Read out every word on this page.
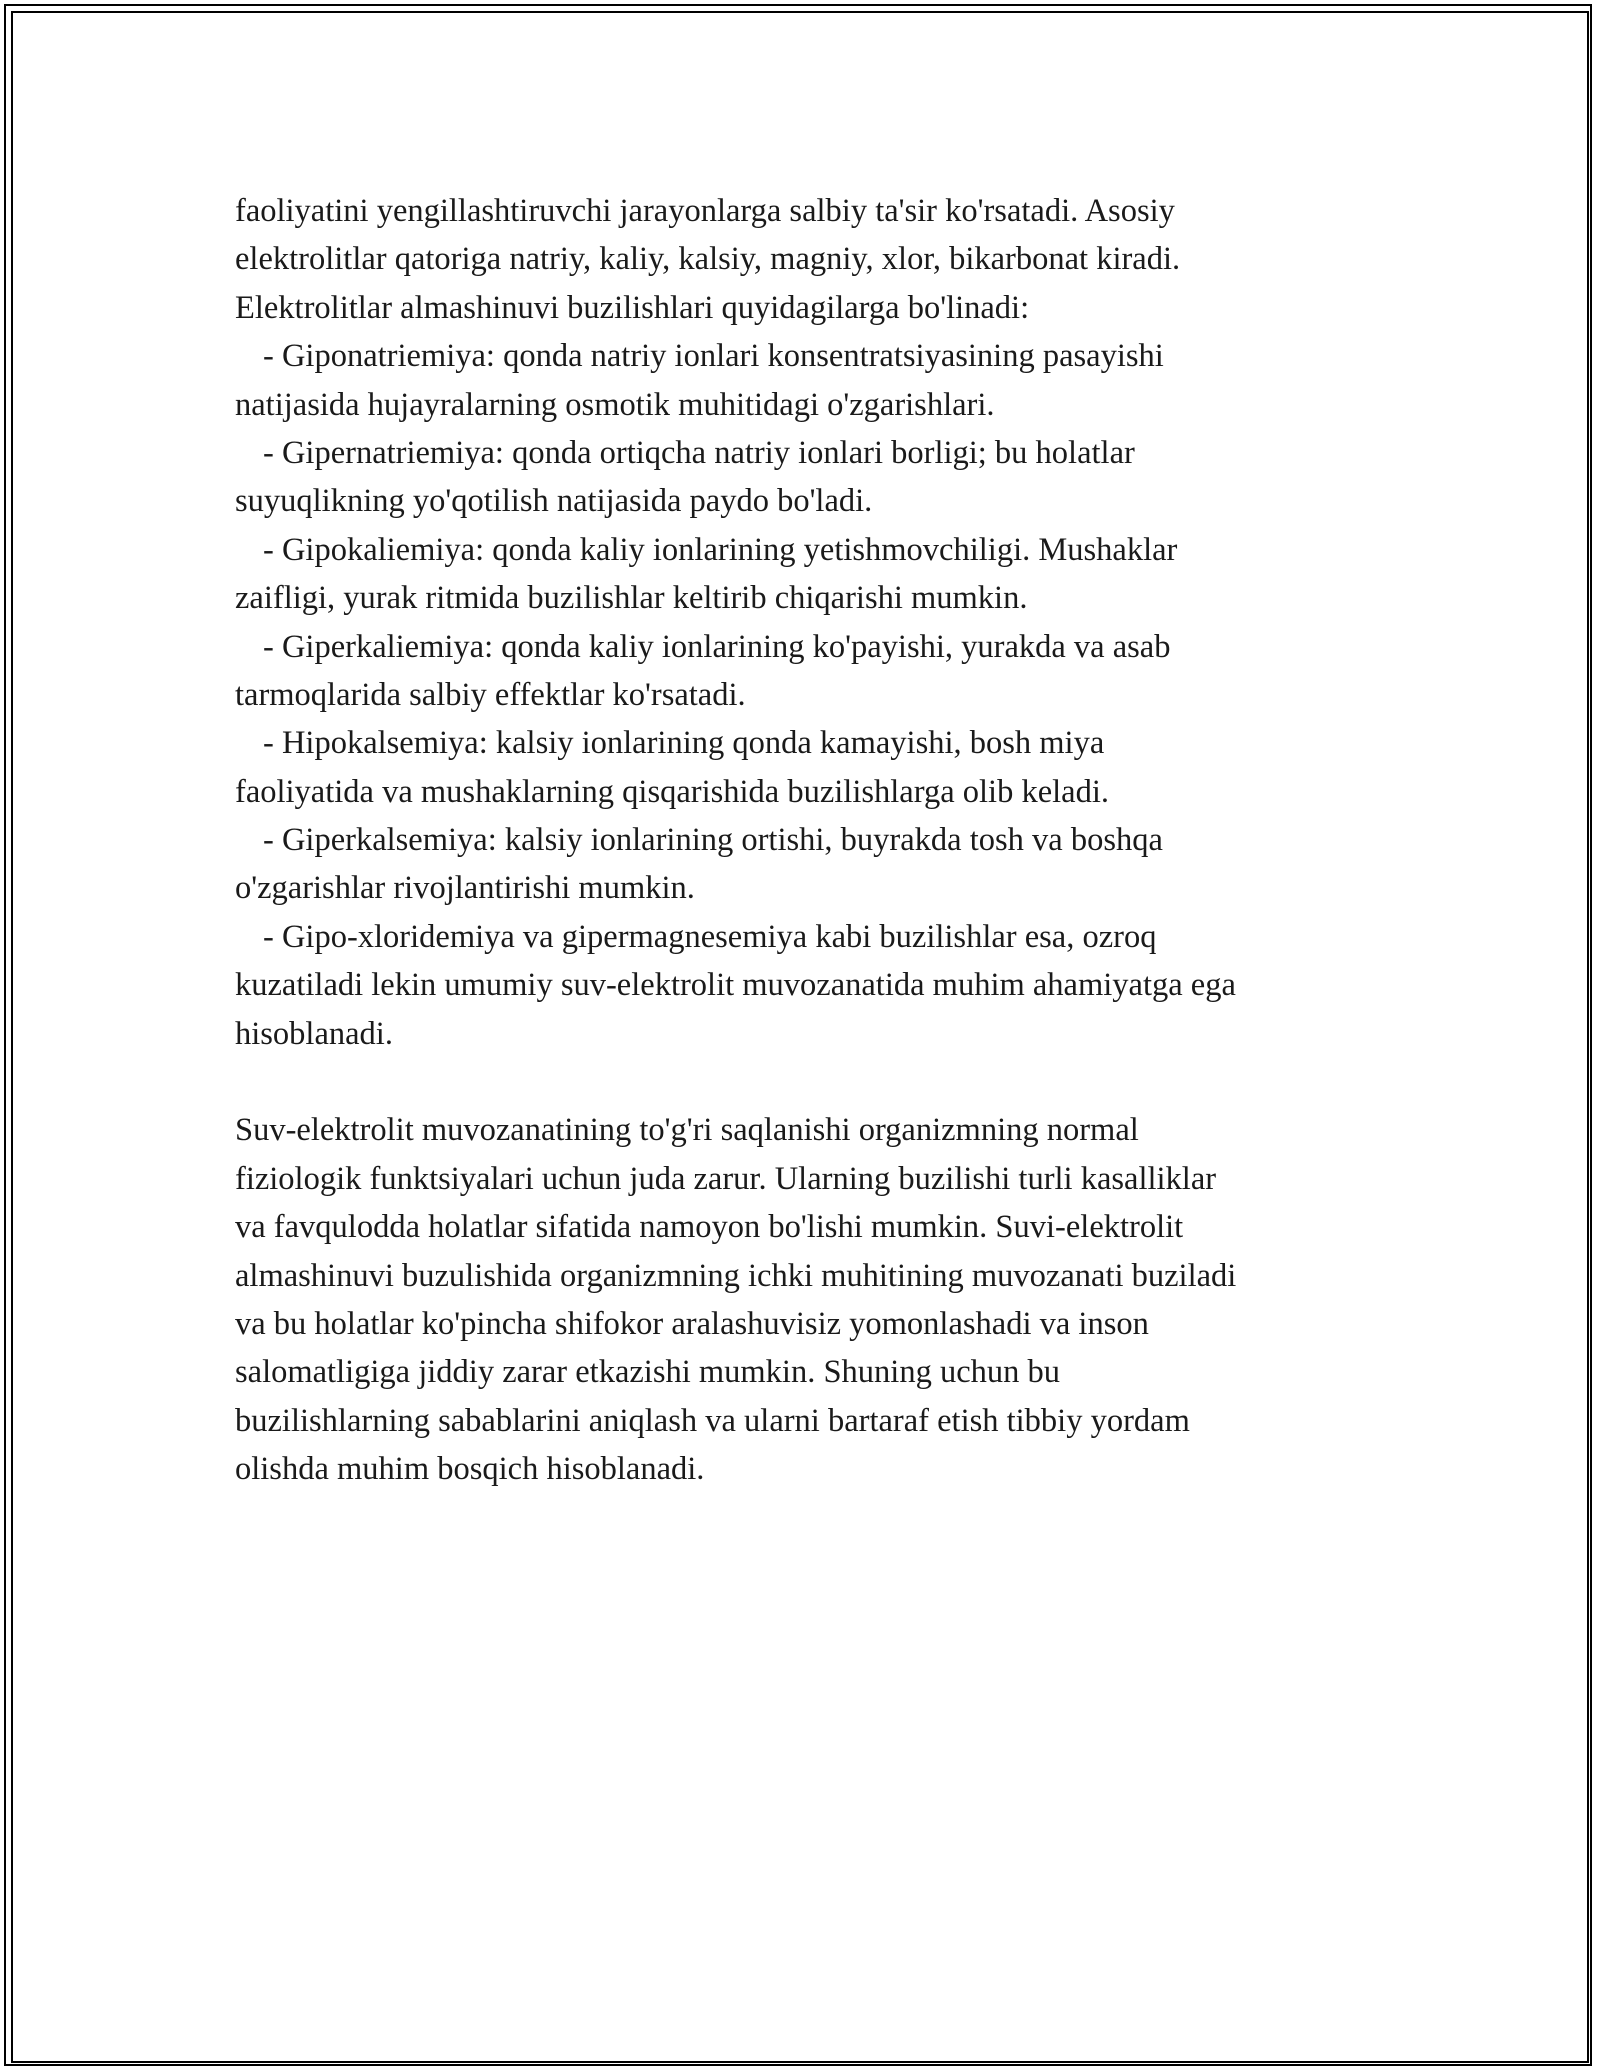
faoliyatini yengillashtiruvchi jarayonlarga salbiy ta'sir ko'rsatadi. Asosiy
elektrolitlar qatoriga natriy, kaliy, kalsiy, magniy, xlor, bikarbonat kiradi.
Elektrolitlar almashinuvi buzilishlari quyidagilarga bo'linadi:
- Giponatriemiya: qonda natriy ionlari konsentratsiyasining pasayishi
natijasida hujayralarning osmotik muhitidagi o'zgarishlari.
- Gipernatriemiya: qonda ortiqcha natriy ionlari borligi; bu holatlar
suyuqlikning yo'qotilish natijasida paydo bo'ladi.
- Gipokaliemiya: qonda kaliy ionlarining yetishmovchiligi. Mushaklar
zaifligi, yurak ritmida buzilishlar keltirib chiqarishi mumkin.
- Giperkaliemiya: qonda kaliy ionlarining ko'payishi, yurakda va asab
tarmoqlarida salbiy effektlar ko'rsatadi.
- Hipokalsemiya: kalsiy ionlarining qonda kamayishi, bosh miya
faoliyatida va mushaklarning qisqarishida buzilishlarga olib keladi.
- Giperkalsemiya: kalsiy ionlarining ortishi, buyrakda tosh va boshqa
o'zgarishlar rivojlantirishi mumkin.
- Gipo-xloridemiya va gipermagnesemiya kabi buzilishlar esa, ozroq
kuzatiladi lekin umumiy suv-elektrolit muvozanatida muhim ahamiyatga ega
hisoblanadi.
Suv-elektrolit muvozanatining to'g'ri saqlanishi organizmning normal
fiziologik funktsiyalari uchun juda zarur. Ularning buzilishi turli kasalliklar
va favqulodda holatlar sifatida namoyon bo'lishi mumkin. Suvi-elektrolit
almashinuvi buzulishida organizmning ichki muhitining muvozanati buziladi
va bu holatlar ko'pincha shifokor aralashuvisiz yomonlashadi va inson
salomatligiga jiddiy zarar etkazishi mumkin. Shuning uchun bu
buzilishlarning sabablarini aniqlash va ularni bartaraf etish tibbiy yordam
olishda muhim bosqich hisoblanadi.
